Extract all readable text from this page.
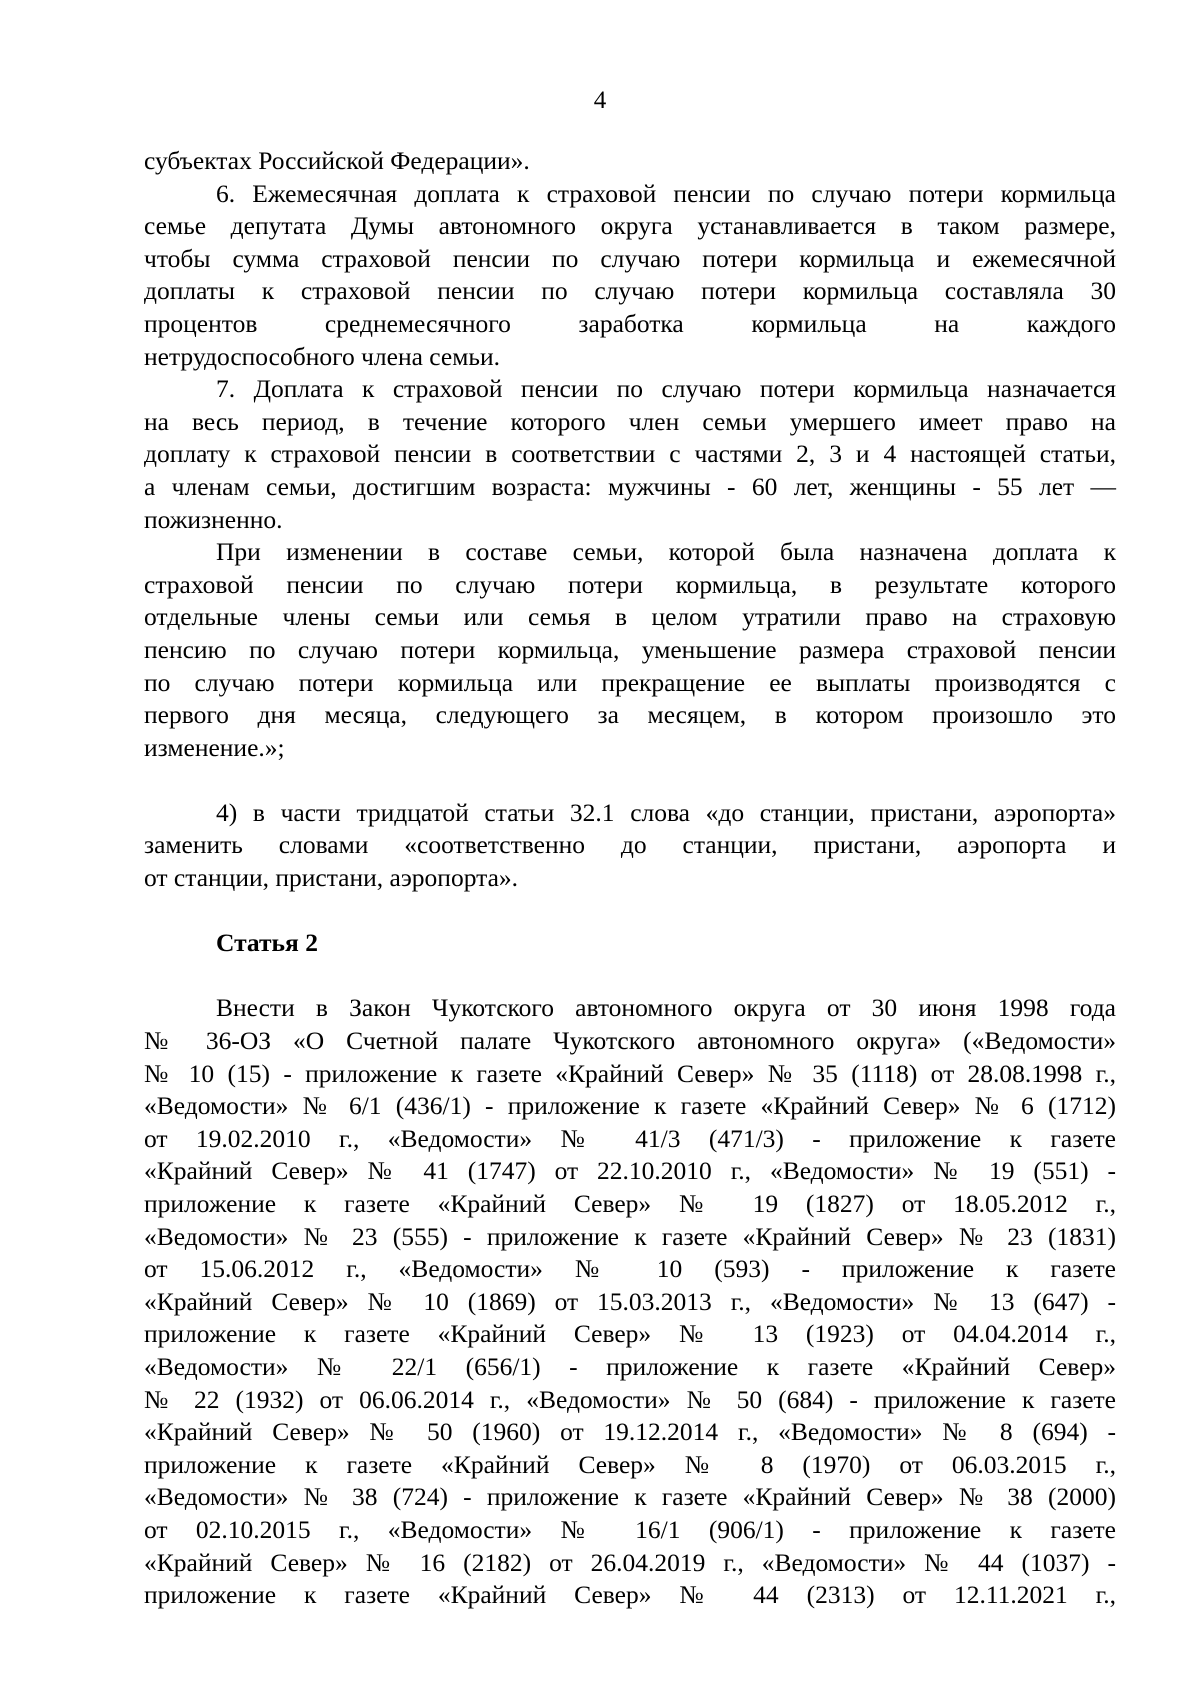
4
субъектах Российской Федерации».
6. Ежемесячная доплата к страховой пенсии по случаю потери кормильца
семье депутата Думы автономного округа устанавливается в таком размере,
чтобы сумма страховой пенсии по случаю потери кормильца и ежемесячной
доплаты к страховой пенсии по случаю потери кормильца составляла 30
процентов среднемесячного заработка кормильца на каждого
нетрудоспособного члена семьи.
7. Доплата к страховой пенсии по случаю потери кормильца назначается
на весь период, в течение которого член семьи умершего имеет право на
доплату к страховой пенсии в соответствии с частями 2, 3 и 4 настоящей статьи,
а членам семьи, достигшим возраста: мужчины - 60 лет, женщины - 55 лет —
пожизненно.
При изменении в составе семьи, которой была назначена доплата к
страховой пенсии по случаю потери кормильца, в результате которого
отдельные члены семьи или семья в целом утратили право на страховую
пенсию по случаю потери кормильца, уменьшение размера страховой пенсии
по случаю потери кормильца или прекращение ее выплаты производятся с
первого дня месяца, следующего за месяцем, в котором произошло это
изменение.»;
4) в части тридцатой статьи 32.1 слова «до станции, пристани, аэропорта»
заменить словами «соответственно до станции, пристани, аэропорта и
от станции, пристани, аэропорта».
Статья 2
Внести в Закон Чукотского автономного округа от 30 июня 1998 года
№ 36-ОЗ «О Счетной палате Чукотского автономного округа» («Ведомости»
№ 10 (15) - приложение к газете «Крайний Север» № 35 (1118) от 28.08.1998 г.,
«Ведомости» № 6/1 (436/1) - приложение к газете «Крайний Север» № 6 (1712)
от 19.02.2010 г., «Ведомости» № 41/3 (471/3) - приложение к газете
«Крайний Север» № 41 (1747) от 22.10.2010 г., «Ведомости» № 19 (551) -
приложение к газете «Крайний Север» № 19 (1827) от 18.05.2012 г.,
«Ведомости» № 23 (555) - приложение к газете «Крайний Север» № 23 (1831)
от 15.06.2012 г., «Ведомости» № 10 (593) - приложение к газете
«Крайний Север» № 10 (1869) от 15.03.2013 г., «Ведомости» № 13 (647) -
приложение к газете «Крайний Север» № 13 (1923) от 04.04.2014 г.,
«Ведомости» № 22/1 (656/1) - приложение к газете «Крайний Север»
№ 22 (1932) от 06.06.2014 г., «Ведомости» № 50 (684) - приложение к газете
«Крайний Север» № 50 (1960) от 19.12.2014 г., «Ведомости» № 8 (694) -
приложение к газете «Крайний Север» № 8 (1970) от 06.03.2015 г.,
«Ведомости» № 38 (724) - приложение к газете «Крайний Север» № 38 (2000)
от 02.10.2015 г., «Ведомости» № 16/1 (906/1) - приложение к газете
«Крайний Север» № 16 (2182) от 26.04.2019 г., «Ведомости» № 44 (1037) -
приложение к газете «Крайний Север» № 44 (2313) от 12.11.2021 г.,
